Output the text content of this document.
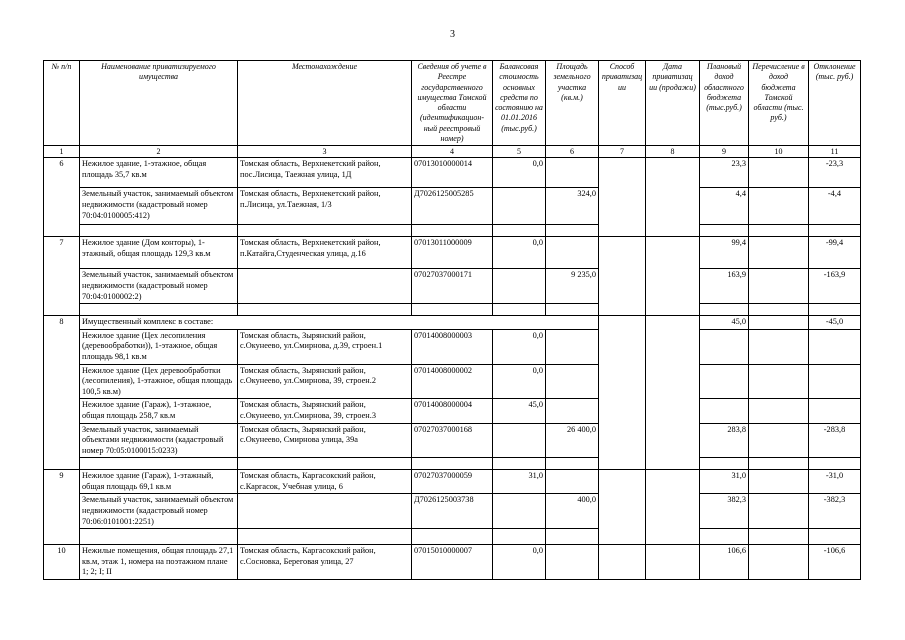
3
№ п/п	Наименование приватизируемого имущества	Местонахождение	Сведения об учете в Реестре государственного имущества Томской области (идентификацион-ный реестровый номер)	Балансовая стоимость основных средств по состоянию на 01.01.2016 (тыс.руб.)	Площадь земельного участка (кв.м.)	Способ приватизац ии	Дата приватизац ии (продажи)	Плановый доход областного бюджета (тыс.руб.)	Перечисление в доход бюджета Томской области (тыс. руб.)	Отклонение (тыс. руб.)
1	2	3	4	5	6	7	8	9	10	11
6	Нежилое здание, 1-этажное, общая площадь 35,7 кв.м	Томская область, Верхнекетский район, пос.Лисица, Таежная улица, 1Д	07013010000014	0,0				23,3		-23,3
	Земельный участок, занимаемый объектом недвижимости (кадастровый номер 70:04:0100005:412)	Томская область, Верхнекетский район, п.Лисица, ул.Таежная, 1/3	Д7026125005285		324,0			4,4		-4,4

7	Нежилое здание (Дом конторы), 1-этажный, общая площадь 129,3 кв.м	Томская область, Верхнекетский район, п.Катайга,Студенческая улица, д.16	07013011000009	0,0				99,4		-99,4
	Земельный участок, занимаемый объектом недвижимости (кадастровый номер 70:04:0100002:2)		07027037000171		9 235,0			163,9		-163,9

8	Имущественный комплекс в составе:							45,0		-45,0
	Нежилое здание (Цех лесопиления (деревообработки)), 1-этажное, общая площадь 98,1 кв.м	Томская область, Зырянский район, с.Окунеево, ул.Смирнова, д.39, строен.1	07014008000003	0,0						
	Нежилое здание (Цех деревообработки (лесопиления), 1-этажное, общая площадь 100,5 кв.м)	Томская область, Зырянский район, с.Окунеево, ул.Смирнова, 39, строен.2	07014008000002	0,0						
	Нежилое здание (Гараж), 1-этажное, общая площадь 258,7 кв.м	Томская область, Зырянский район, с.Окунеево, ул.Смирнова, 39, строен.3	07014008000004	45,0						
	Земельный участок, занимаемый объектами недвижимости (кадастровый номер 70:05:0100015:0233)	Томская область, Зырянский район, с.Окунеево, Смирнова улица, 39а	07027037000168		26 400,0			283,8		-283,8

9	Нежилое здание (Гараж), 1-этажный, общая площадь 69,1 кв.м	Томская область, Каргасокский район, с.Каргасок, Учебная улица, 6	07027037000059	31,0				31,0		-31,0
	Земельный участок, занимаемый объектом недвижимости (кадастровый номер 70:06:0101001:2251)		Д7026125003738		400,0			382,3		-382,3

10	Нежилые помещения, общая площадь 27,1 кв.м, этаж 1, номера на поэтажном плане 1; 2; I; II	Томская область, Каргасокский район, с.Сосновка, Береговая улица, 27	07015010000007	0,0				106,6		-106,6
